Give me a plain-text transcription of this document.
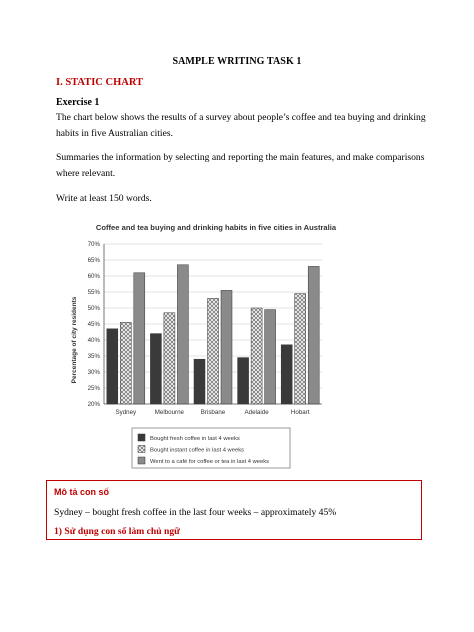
SAMPLE WRITING TASK 1
I. STATIC CHART
Exercise 1
The chart below shows the results of a survey about people’s coffee and tea buying and drinking habits in five Australian cities.
Summaries the information by selecting and reporting the main features, and make comparisons where relevant.
Write at least 150 words.
Coffee and tea buying and drinking habits in five cities in Australia
Percentage of city residents
20%
25%
30%
35%
40%
45%
50%
55%
60%
65%
70%
Sydney	Melbourne	Brisbane	Adelaide	Hobart
Bought fresh coffee in last 4 weeks
Bought instant coffee in last 4 weeks
Went to a café for coffee or tea in last 4 weeks
Mô tả con số
Sydney – bought fresh coffee in the last four weeks – approximately 45%
1) Sử dụng con số làm chủ ngữ
